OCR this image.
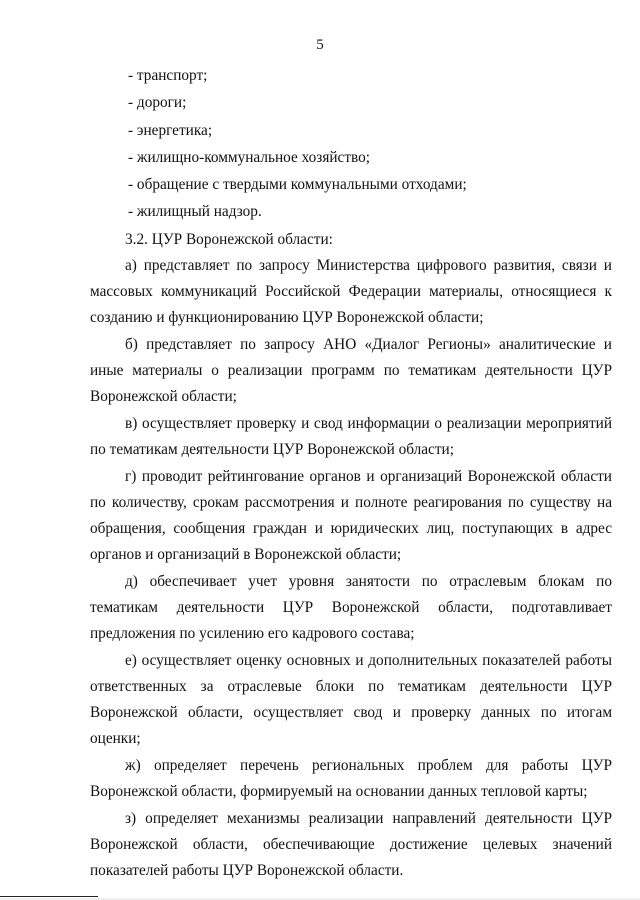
5
- транспорт;
- дороги;
- энергетика;
- жилищно-коммунальное хозяйство;
- обращение с твердыми коммунальными отходами;
- жилищный надзор.

3.2. ЦУР Воронежской области:

а) представляет по запросу Министерства цифрового развития, связи и массовых коммуникаций Российской Федерации материалы, относящиеся к созданию и функционированию ЦУР Воронежской области;

б) представляет по запросу АНО «Диалог Регионы» аналитические и иные материалы о реализации программ по тематикам деятельности ЦУР Воронежской области;

в) осуществляет проверку и свод информации о реализации мероприятий по тематикам деятельности ЦУР Воронежской области;

г) проводит рейтингование органов и организаций Воронежской области по количеству, срокам рассмотрения и полноте реагирования по существу на обращения, сообщения граждан и юридических лиц, поступающих в адрес органов и организаций в Воронежской области;

д) обеспечивает учет уровня занятости по отраслевым блокам по тематикам деятельности ЦУР Воронежской области, подготавливает предложения по усилению его кадрового состава;

е) осуществляет оценку основных и дополнительных показателей работы ответственных за отраслевые блоки по тематикам деятельности ЦУР Воронежской области, осуществляет свод и проверку данных по итогам оценки;

ж) определяет перечень региональных проблем для работы ЦУР Воронежской области, формируемый на основании данных тепловой карты;

з) определяет механизмы реализации направлений деятельности ЦУР Воронежской области, обеспечивающие достижение целевых значений показателей работы ЦУР Воронежской области.
